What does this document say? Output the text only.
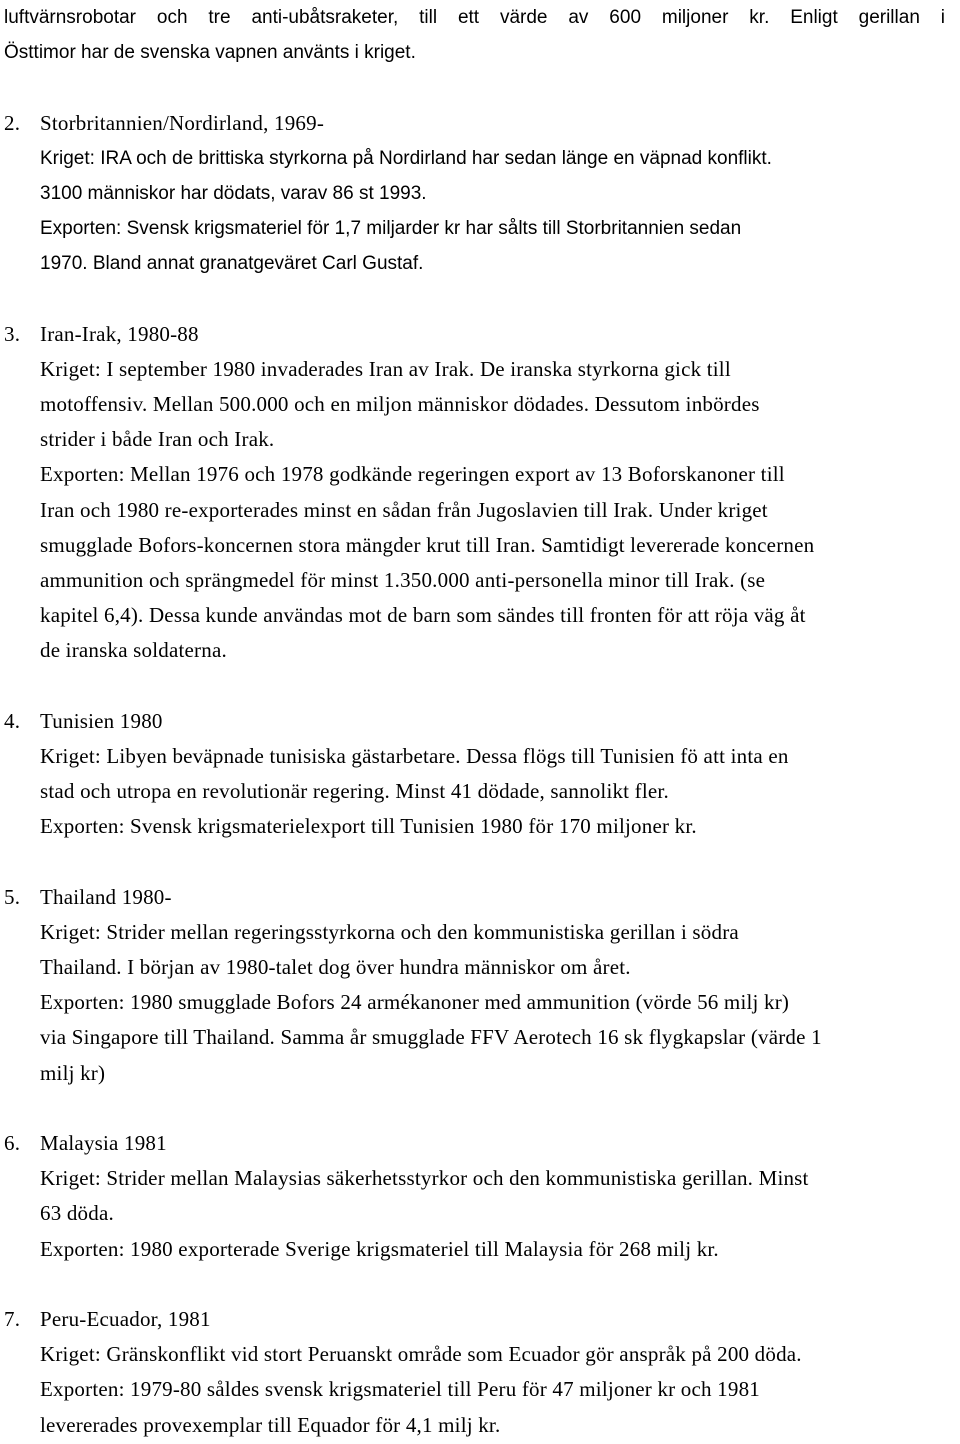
luftvärnsrobotar och tre anti-ubåtsraketer, till ett värde av 600 miljoner kr. Enligt gerillan i
Östtimor har de svenska vapnen använts i kriget.
2. Storbritannien/Nordirland, 1969-
Kriget: IRA och de brittiska styrkorna på Nordirland har sedan länge en väpnad konflikt.
3100 människor har dödats, varav 86 st 1993.
Exporten: Svensk krigsmateriel för 1,7 miljarder kr har sålts till Storbritannien sedan
1970. Bland annat granatgeväret Carl Gustaf.
3. Iran-Irak, 1980-88
Kriget: I september 1980 invaderades Iran av Irak. De iranska styrkorna gick till
motoffensiv. Mellan 500.000 och en miljon människor dödades. Dessutom inbördes
strider i både Iran och Irak.
Exporten: Mellan 1976 och 1978 godkände regeringen export av 13 Boforskanoner till
Iran och 1980 re-exporterades minst en sådan från Jugoslavien till Irak. Under kriget
smugglade Bofors-koncernen stora mängder krut till Iran. Samtidigt levererade koncernen
ammunition och sprängmedel för minst 1.350.000 anti-personella minor till Irak. (se
kapitel 6,4). Dessa kunde användas mot de barn som sändes till fronten för att röja väg åt
de iranska soldaterna.
4. Tunisien 1980
Kriget: Libyen beväpnade tunisiska gästarbetare. Dessa flögs till Tunisien fö att inta en
stad och utropa en revolutionär regering. Minst 41 dödade, sannolikt fler.
Exporten: Svensk krigsmaterielexport till Tunisien 1980 för 170 miljoner kr.
5. Thailand 1980-
Kriget: Strider mellan regeringsstyrkorna och den kommunistiska gerillan i södra
Thailand. I början av 1980-talet dog över hundra människor om året.
Exporten: 1980 smugglade Bofors 24 armékanoner med ammunition (vörde 56 milj kr)
via Singapore till Thailand. Samma år smugglade FFV Aerotech 16 sk flygkapslar (värde 1
milj kr)
6. Malaysia 1981
Kriget: Strider mellan Malaysias säkerhetsstyrkor och den kommunistiska gerillan. Minst
63 döda.
Exporten: 1980 exporterade Sverige krigsmateriel till Malaysia för 268 milj kr.
7. Peru-Ecuador, 1981
Kriget: Gränskonflikt vid stort Peruanskt område som Ecuador gör anspråk på 200 döda.
Exporten: 1979-80 såldes svensk krigsmateriel till Peru för 47 miljoner kr och 1981
levererades provexemplar till Equador för 4,1 milj kr.
